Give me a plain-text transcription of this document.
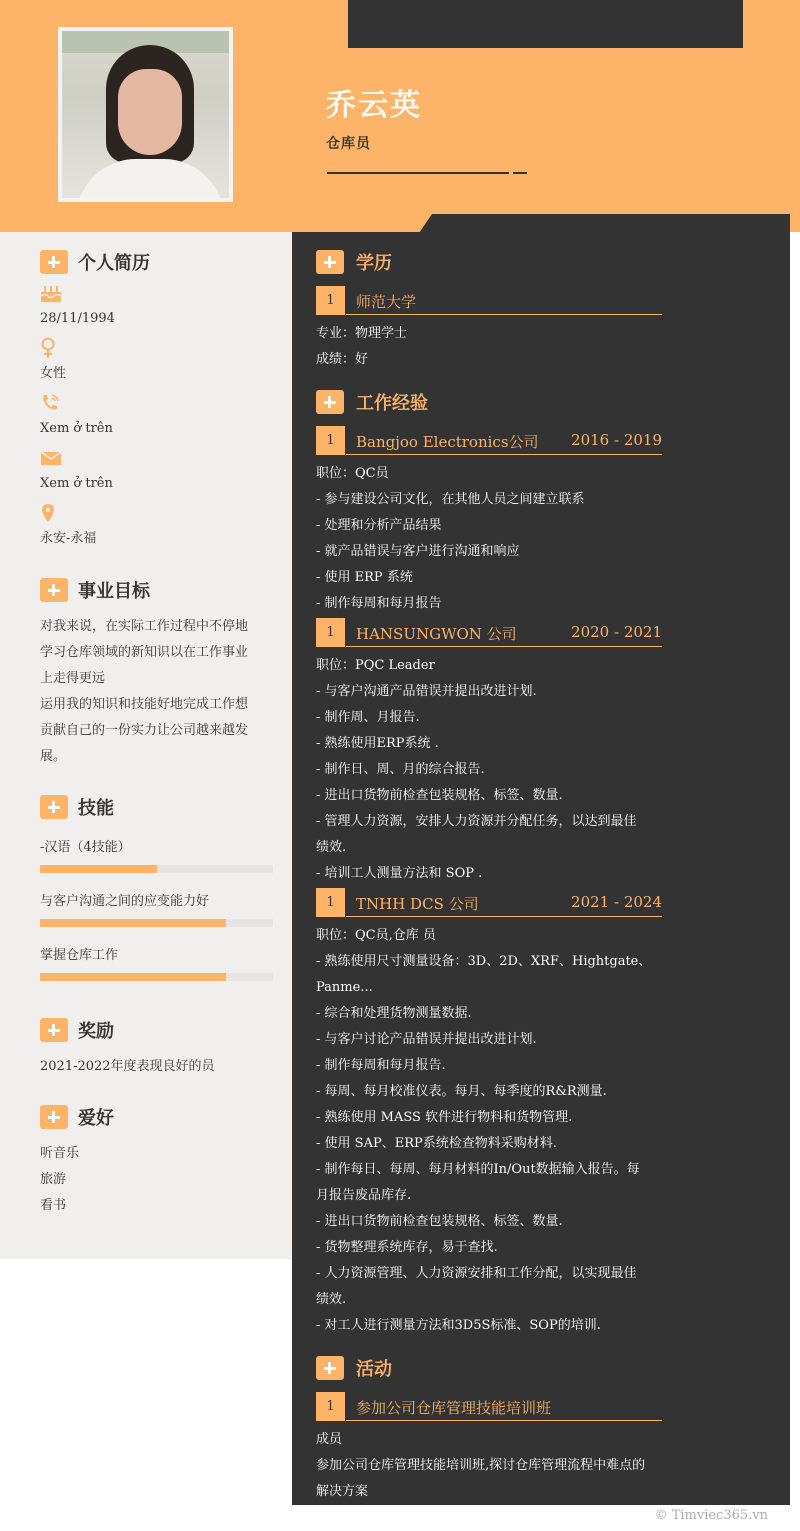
乔云英
仓库员
个人简历
28/11/1994
女性
Xem ở trên
Xem ở trên
永安-永福
事业目标
对我来说，在实际工作过程中不停地
学习仓库领域的新知识以在工作事业
上走得更远
运用我的知识和技能好地完成工作想
贡献自己的一份实力让公司越来越发
展。
技能
-汉语（4技能）
与客户沟通之间的应变能力好
掌握仓库工作
奖励
2021-2022年度表现良好的员
爱好
听音乐
旅游
看书
学历
1	师范大学
专业：物理学士
成绩：好
工作经验
1	Bangjoo Electronics公司 2016 - 2019
职位：QC员
- 参与建设公司文化，在其他人员之间建立联系
- 处理和分析产品结果
- 就产品错误与客户进行沟通和响应
- 使用 ERP 系统
- 制作每周和每月报告
1	HANSUNGWON 公司	2020 - 2021
职位：PQC Leader
- 与客户沟通产品错误并提出改进计划.
- 制作周、月报告.
- 熟练使用ERP系统 .
- 制作日、周、月的综合报告.
- 进出口货物前检查包装规格、标签、数量.
- 管理人力资源，安排人力资源并分配任务，以达到最佳
绩效.
- 培训工人测量方法和 SOP .
1	TNHH DCS 公司	2021 - 2024
职位：QC员,仓库 员
- 熟练使用尺寸测量设备：3D、2D、XRF、Hightgate、
Panme...
- 综合和处理货物测量数据.
- 与客户讨论产品错误并提出改进计划.
- 制作每周和每月报告.
- 每周、每月校准仪表。每月、每季度的R&R测量.
- 熟练使用 MASS 软件进行物料和货物管理.
- 使用 SAP、ERP系统检查物料采购材料.
- 制作每日、每周、每月材料的In/Out数据输入报告。每
月报告废品库存.
- 进出口货物前检查包装规格、标签、数量.
- 货物整理系统库存，易于查找.
- 人力资源管理、人力资源安排和工作分配，以实现最佳
绩效.
- 对工人进行测量方法和3D5S标准、SOP的培训.
活动
1	参加公司仓库管理技能培训班
成员
参加公司仓库管理技能培训班,探讨仓库管理流程中难点的
解决方案
© Timviec365.vn
